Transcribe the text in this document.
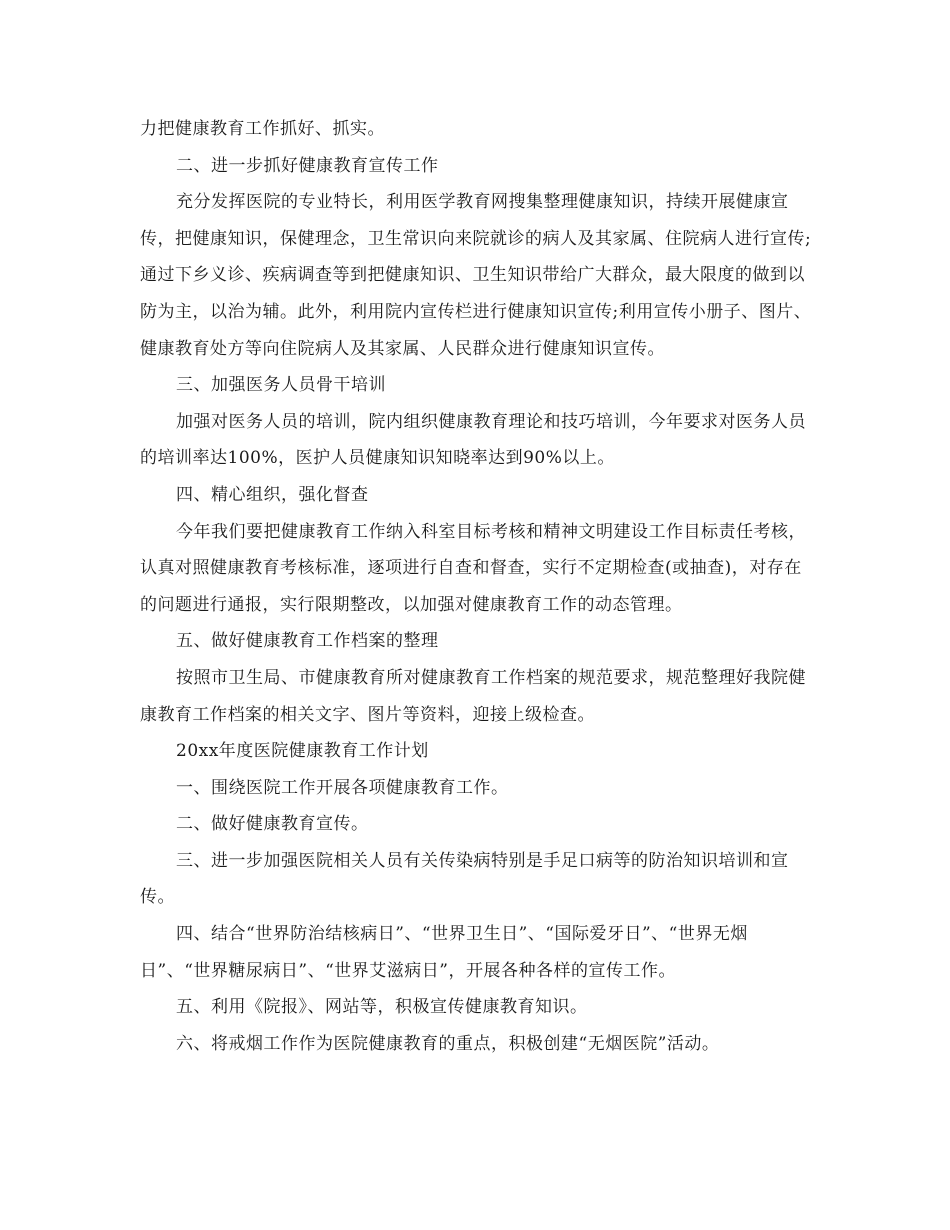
力把健康教育工作抓好、抓实。

二、进一步抓好健康教育宣传工作

充分发挥医院的专业特长，利用医学教育网搜集整理健康知识，持续开展健康宣传，把健康知识，保健理念，卫生常识向来院就诊的病人及其家属、住院病人进行宣传;通过下乡义诊、疾病调查等到把健康知识、卫生知识带给广大群众，最大限度的做到以防为主，以治为辅。此外，利用院内宣传栏进行健康知识宣传;利用宣传小册子、图片、健康教育处方等向住院病人及其家属、人民群众进行健康知识宣传。

三、加强医务人员骨干培训

加强对医务人员的培训，院内组织健康教育理论和技巧培训，今年要求对医务人员的培训率达100%，医护人员健康知识知晓率达到90%以上。

四、精心组织，强化督查

今年我们要把健康教育工作纳入科室目标考核和精神文明建设工作目标责任考核，认真对照健康教育考核标准，逐项进行自查和督查，实行不定期检查(或抽查)，对存在的问题进行通报，实行限期整改，以加强对健康教育工作的动态管理。

五、做好健康教育工作档案的整理

按照市卫生局、市健康教育所对健康教育工作档案的规范要求，规范整理好我院健康教育工作档案的相关文字、图片等资料，迎接上级检查。

20xx年度医院健康教育工作计划

一、围绕医院工作开展各项健康教育工作。

二、做好健康教育宣传。

三、进一步加强医院相关人员有关传染病特别是手足口病等的防治知识培训和宣传。

四、结合“世界防治结核病日”、“世界卫生日”、“国际爱牙日”、“世界无烟日”、“世界糖尿病日”、“世界艾滋病日”，开展各种各样的宣传工作。

五、利用《院报》、网站等，积极宣传健康教育知识。

六、将戒烟工作作为医院健康教育的重点，积极创建“无烟医院”活动。
